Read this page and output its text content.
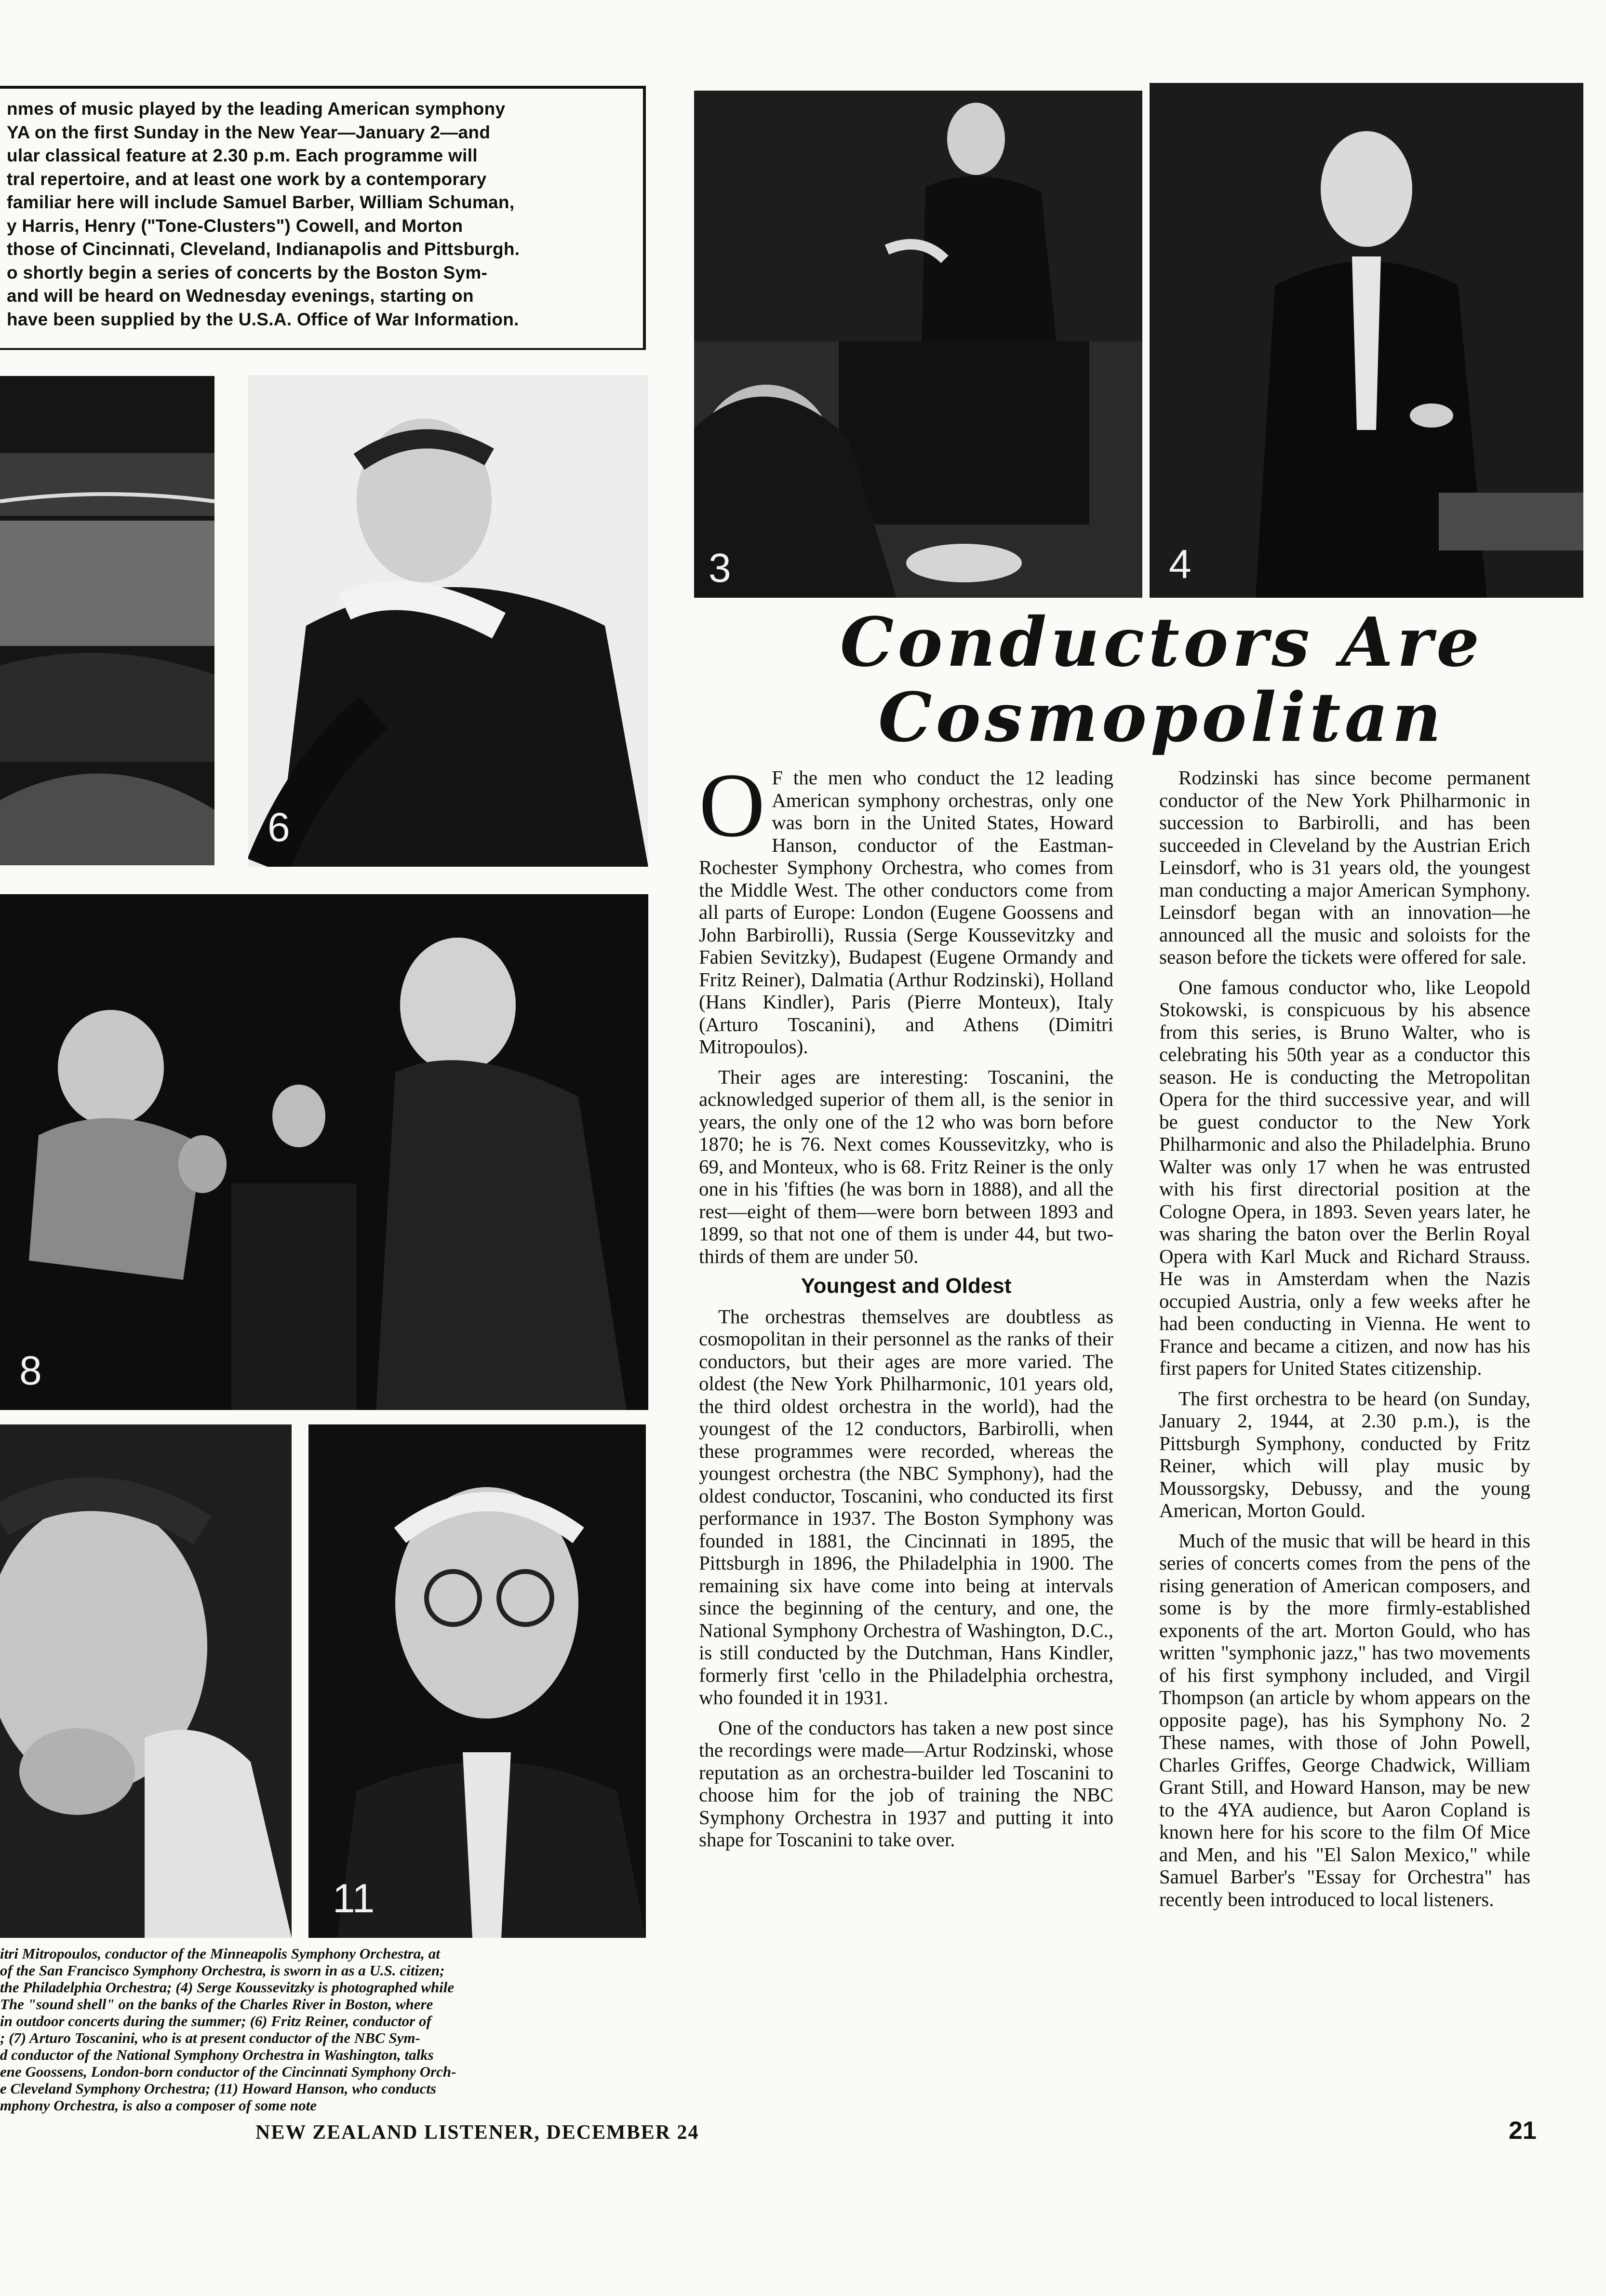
nmes of music played by the leading American symphony
YA on the first Sunday in the New Year—January 2—and
ular classical feature at 2.30 p.m. Each programme will
tral repertoire, and at least one work by a contemporary
familiar here will include Samuel Barber, William Schuman,
y Harris, Henry ("Tone-Clusters") Cowell, and Morton
those of Cincinnati, Cleveland, Indianapolis and Pittsburgh.
o shortly begin a series of concerts by the Boston Sym-
and will be heard on Wednesday evenings, starting on
have been supplied by the U.S.A. Office of War Information.

3	4
6
8
11
Conductors Are
Cosmopolitan

O F the men who conduct the 12 leading American symphony orchestras, only one was born in the United States, Howard Hanson, conductor of the Eastman-Rochester Symphony Orchestra, who comes from the Middle West. The other conductors come from all parts of Europe: London (Eugene Goossens and John Barbirolli), Russia (Serge Koussevitzky and Fabien Sevitzky), Budapest (Eugene Ormandy and Fritz Reiner), Dalmatia (Arthur Rodzinski), Holland (Hans Kindler), Paris (Pierre Monteux), Italy (Arturo Toscanini), and Athens (Dimitri Mitropoulos).

Their ages are interesting: Toscanini, the acknowledged superior of them all, is the senior in years, the only one of the 12 who was born before 1870; he is 76. Next comes Koussevitzky, who is 69, and Monteux, who is 68. Fritz Reiner is the only one in his 'fifties (he was born in 1888), and all the rest—eight of them—were born between 1893 and 1899, so that not one of them is under 44, but two-thirds of them are under 50.

Youngest and Oldest

The orchestras themselves are doubtless as cosmopolitan in their personnel as the ranks of their conductors, but their ages are more varied. The oldest (the New York Philharmonic, 101 years old, the third oldest orchestra in the world), had the youngest of the 12 conductors, Barbirolli, when these programmes were recorded, whereas the youngest orchestra (the NBC Symphony), had the oldest conductor, Toscanini, who conducted its first performance in 1937. The Boston Symphony was founded in 1881, the Cincinnati in 1895, the Pittsburgh in 1896, the Philadelphia in 1900. The remaining six have come into being at intervals since the beginning of the century, and one, the National Symphony Orchestra of Washington, D.C., is still conducted by the Dutchman, Hans Kindler, formerly first 'cello in the Philadelphia orchestra, who founded it in 1931.

One of the conductors has taken a new post since the recordings were made—Artur Rodzinski, whose reputation as an orchestra-builder led Toscanini to choose him for the job of training the NBC Symphony Orchestra in 1937 and putting it into shape for Toscanini to take over.

Rodzinski has since become permanent conductor of the New York Philharmonic in succession to Barbirolli, and has been succeeded in Cleveland by the Austrian Erich Leinsdorf, who is 31 years old, the youngest man conducting a major American Symphony. Leinsdorf began with an innovation—he announced all the music and soloists for the season before the tickets were offered for sale.

One famous conductor who, like Leopold Stokowski, is conspicuous by his absence from this series, is Bruno Walter, who is celebrating his 50th year as a conductor this season. He is conducting the Metropolitan Opera for the third successive year, and will be guest conductor to the New York Philharmonic and also the Philadelphia. Bruno Walter was only 17 when he was entrusted with his first directorial position at the Cologne Opera, in 1893. Seven years later, he was sharing the baton over the Berlin Royal Opera with Karl Muck and Richard Strauss. He was in Amsterdam when the Nazis occupied Austria, only a few weeks after he had been conducting in Vienna. He went to France and became a citizen, and now has his first papers for United States citizenship.

The first orchestra to be heard (on Sunday, January 2, 1944, at 2.30 p.m.), is the Pittsburgh Symphony, conducted by Fritz Reiner, which will play music by Moussorgsky, Debussy, and the young American, Morton Gould.

Much of the music that will be heard in this series of concerts comes from the pens of the rising generation of American composers, and some is by the more firmly-established exponents of the art. Morton Gould, who has written "symphonic jazz," has two movements of his first symphony included, and Virgil Thompson (an article by whom appears on the opposite page), has his Symphony No. 2 These names, with those of John Powell, Charles Griffes, George Chadwick, William Grant Still, and Howard Hanson, may be new to the 4YA audience, but Aaron Copland is known here for his score to the film Of Mice and Men, and his "El Salon Mexico," while Samuel Barber's "Essay for Orchestra" has recently been introduced to local listeners.

itri Mitropoulos, conductor of the Minneapolis Symphony Orchestra, at
of the San Francisco Symphony Orchestra, is sworn in as a U.S. citizen;
the Philadelphia Orchestra; (4) Serge Koussevitzky is photographed while
The "sound shell" on the banks of the Charles River in Boston, where
in outdoor concerts during the summer; (6) Fritz Reiner, conductor of
; (7) Arturo Toscanini, who is at present conductor of the NBC Sym-
d conductor of the National Symphony Orchestra in Washington, talks
ene Goossens, London-born conductor of the Cincinnati Symphony Orch-
e Cleveland Symphony Orchestra; (11) Howard Hanson, who conducts
mphony Orchestra, is also a composer of some note
NEW ZEALAND LISTENER, DECEMBER 24	21
